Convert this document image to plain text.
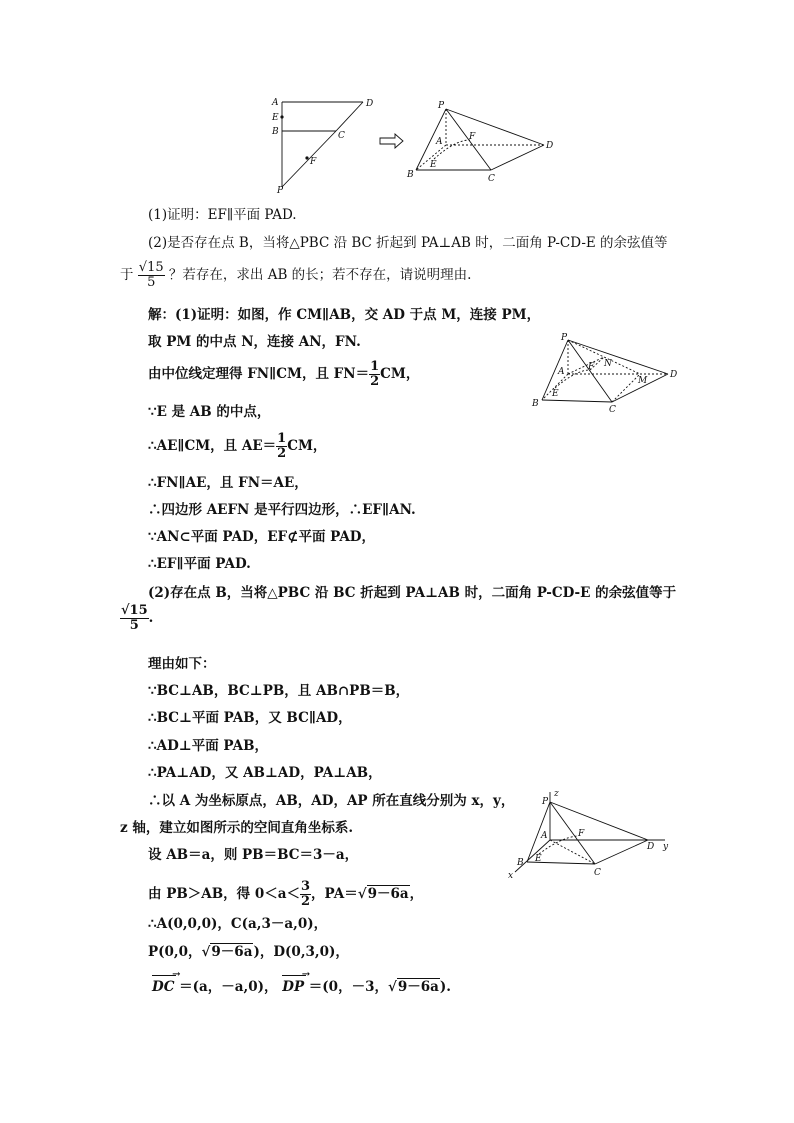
A	D
E
B	C
F
P
P
A	F
D
E
B	C
(1)证明：EF∥平面 PAD.
(2)是否存在点 B，当将△PBC 沿 BC 折起到 PA⊥AB 时，二面角 P-CD-E 的余弦值等
于 $\frac{√15}{5}$ ？若存在，求出 AB 的长；若不存在，请说明理由.
P
A	F N
M
D
E
B
C
解：(1)证明：如图，作 CM∥AB，交 AD 于点 M，连接 PM，
取 PM 的中点 N，连接 AN，FN.
由中位线定理得 FN∥CM，且 $FN= \frac{1}{2}$ CM，
∵E 是 AB 的中点，
∴AE∥CM，且 $AE= \frac{1}{2}$ CM，
∴FN∥AE，且 FN＝AE，
∴四边形 AEFN 是平行四边形，∴EF∥AN.
∵AN⊂平面 PAD，EF⊄平面 PAD，
∴EF∥平面 PAD.
(2)存在点 B，当将△PBC 沿 BC 折起到 PA⊥AB 时，二面角 P-CD-E 的余弦值等于
$\frac{√15}{5}$ .
理由如下：
∵BC⊥AB，BC⊥PB，且 AB∩PB＝B，
∴BC⊥平面 PAB，又 BC∥AD，
∴AD⊥平面 PAB，
∴PA⊥AD，又 AB⊥AD，PA⊥AB，
∴以 A 为坐标原点，AB，AD，AP 所在直线分别为 x，y，
z 轴，建立如图所示的空间直角坐标系.
z
P
A	F
D y
B E
x	C
设 AB＝a，则 PB＝BC＝3－a，
由 PB＞AB，得 $0<a< \frac{3}{2}$ ，PA＝√9－6a，
∴A(0,0,0)，C(a,3－a,0)，
P(0,0，√9－6a)，D(0,3,0)，
DC → ＝(a，－a,0)， DP → ＝(0，－3，√9－6a).
